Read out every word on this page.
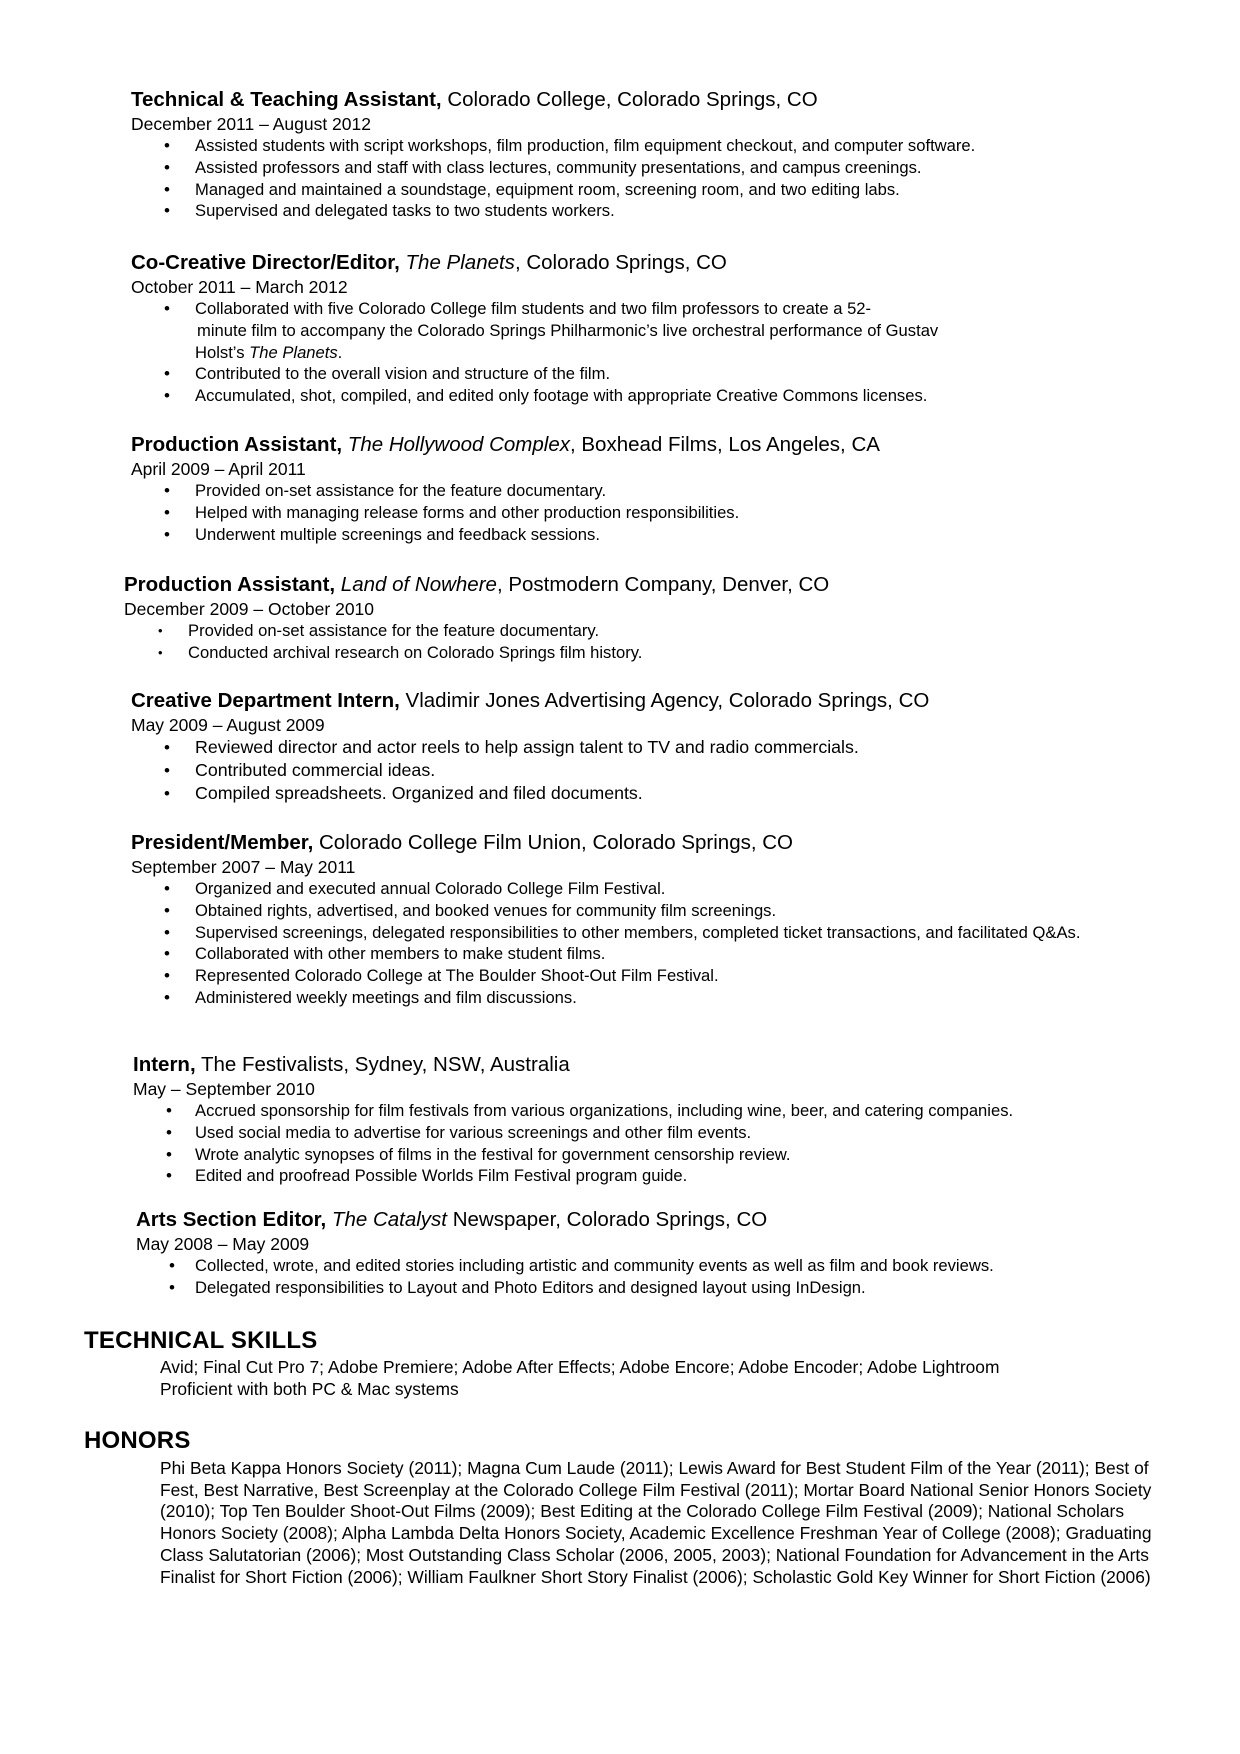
Technical & Teaching Assistant, Colorado College, Colorado Springs, CO
December 2011 – August 2012
• Assisted students with script workshops, film production, film equipment checkout, and computer software.
• Assisted professors and staff with class lectures, community presentations, and campus creenings.
• Managed and maintained a soundstage, equipment room, screening room, and two editing labs.
• Supervised and delegated tasks to two students workers.
Co-Creative Director/Editor, The Planets, Colorado Springs, CO
October 2011 – March 2012
• Collaborated with five Colorado College film students and two film professors to create a 52-
minute film to accompany the Colorado Springs Philharmonic’s live orchestral performance of Gustav
Holst’s The Planets.
• Contributed to the overall vision and structure of the film.
• Accumulated, shot, compiled, and edited only footage with appropriate Creative Commons licenses.
Production Assistant, The Hollywood Complex, Boxhead Films, Los Angeles, CA
April 2009 – April 2011
• Provided on-set assistance for the feature documentary.
• Helped with managing release forms and other production responsibilities.
• Underwent multiple screenings and feedback sessions.
Production Assistant, Land of Nowhere, Postmodern Company, Denver, CO
December 2009 – October 2010
• Provided on-set assistance for the feature documentary.
• Conducted archival research on Colorado Springs film history.
Creative Department Intern, Vladimir Jones Advertising Agency, Colorado Springs, CO
May 2009 – August 2009
• Reviewed director and actor reels to help assign talent to TV and radio commercials.
• Contributed commercial ideas.
• Compiled spreadsheets. Organized and filed documents.
President/Member, Colorado College Film Union, Colorado Springs, CO
September 2007 – May 2011
• Organized and executed annual Colorado College Film Festival.
• Obtained rights, advertised, and booked venues for community film screenings.
• Supervised screenings, delegated responsibilities to other members, completed ticket transactions, and facilitated Q&As.
• Collaborated with other members to make student films.
• Represented Colorado College at The Boulder Shoot-Out Film Festival.
• Administered weekly meetings and film discussions.
Intern, The Festivalists, Sydney, NSW, Australia
May – September 2010
• Accrued sponsorship for film festivals from various organizations, including wine, beer, and catering companies.
• Used social media to advertise for various screenings and other film events.
• Wrote analytic synopses of films in the festival for government censorship review.
• Edited and proofread Possible Worlds Film Festival program guide.
Arts Section Editor, The Catalyst Newspaper, Colorado Springs, CO
May 2008 – May 2009
• Collected, wrote, and edited stories including artistic and community events as well as film and book reviews.
• Delegated responsibilities to Layout and Photo Editors and designed layout using InDesign.
TECHNICAL SKILLS
Avid; Final Cut Pro 7; Adobe Premiere; Adobe After Effects; Adobe Encore; Adobe Encoder; Adobe Lightroom
Proficient with both PC & Mac systems
HONORS
Phi Beta Kappa Honors Society (2011); Magna Cum Laude (2011); Lewis Award for Best Student Film of the Year (2011); Best of Fest, Best Narrative, Best Screenplay at the Colorado College Film Festival (2011); Mortar Board National Senior Honors Society (2010); Top Ten Boulder Shoot-Out Films (2009); Best Editing at the Colorado College Film Festival (2009); National Scholars Honors Society (2008); Alpha Lambda Delta Honors Society, Academic Excellence Freshman Year of College (2008); Graduating Class Salutatorian (2006); Most Outstanding Class Scholar (2006, 2005, 2003); National Foundation for Advancement in the Arts Finalist for Short Fiction (2006); William Faulkner Short Story Finalist (2006); Scholastic Gold Key Winner for Short Fiction (2006)
